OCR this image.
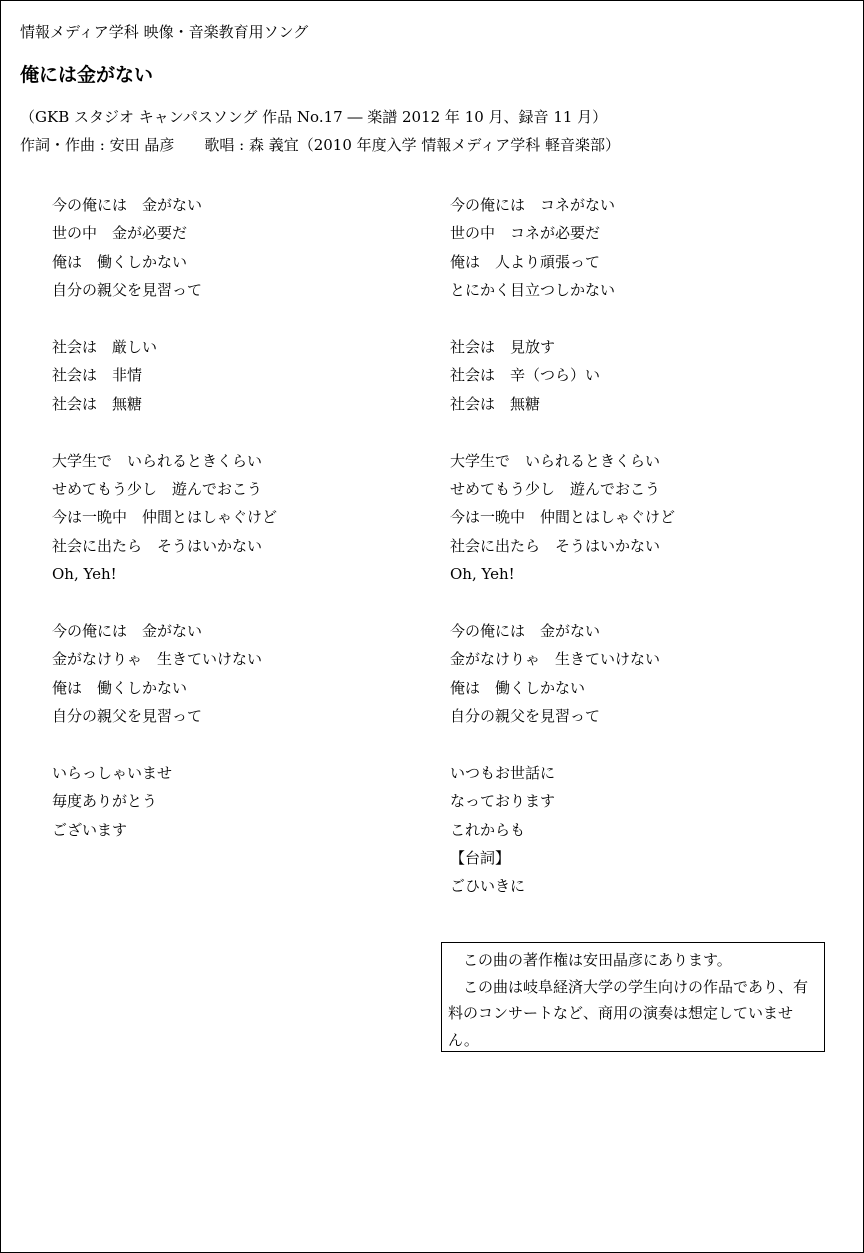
情報メディア学科 映像・音楽教育用ソング
俺には金がない
（GKB スタジオ キャンパスソング 作品 No.17 ― 楽譜 2012 年 10 月、録音 11 月）
作詞・作曲 : 安田 晶彦　　歌唱 : 森 義宜（2010 年度入学 情報メディア学科 軽音楽部）
今の俺には　金がない
世の中　金が必要だ
俺は　働くしかない
自分の親父を見習って
社会は　厳しい
社会は　非情
社会は　無糖
大学生で　いられるときくらい
せめてもう少し　遊んでおこう
今は一晩中　仲間とはしゃぐけど
社会に出たら　そうはいかない
Oh, Yeh!
今の俺には　金がない
金がなけりゃ　生きていけない
俺は　働くしかない
自分の親父を見習って
いらっしゃいませ
毎度ありがとう
ございます
今の俺には　コネがない
世の中　コネが必要だ
俺は　人より頑張って
とにかく目立つしかない
社会は　見放す
社会は　辛（つら）い
社会は　無糖
大学生で　いられるときくらい
せめてもう少し　遊んでおこう
今は一晩中　仲間とはしゃぐけど
社会に出たら　そうはいかない
Oh, Yeh!
今の俺には　金がない
金がなけりゃ　生きていけない
俺は　働くしかない
自分の親父を見習って
いつもお世話に
なっております
これからも
【台詞】
ごひいきに

この曲の著作権は安田晶彦にあります。

この曲は岐阜経済大学の学生向けの作品であり、有料のコンサートなど、商用の演奏は想定していません。
